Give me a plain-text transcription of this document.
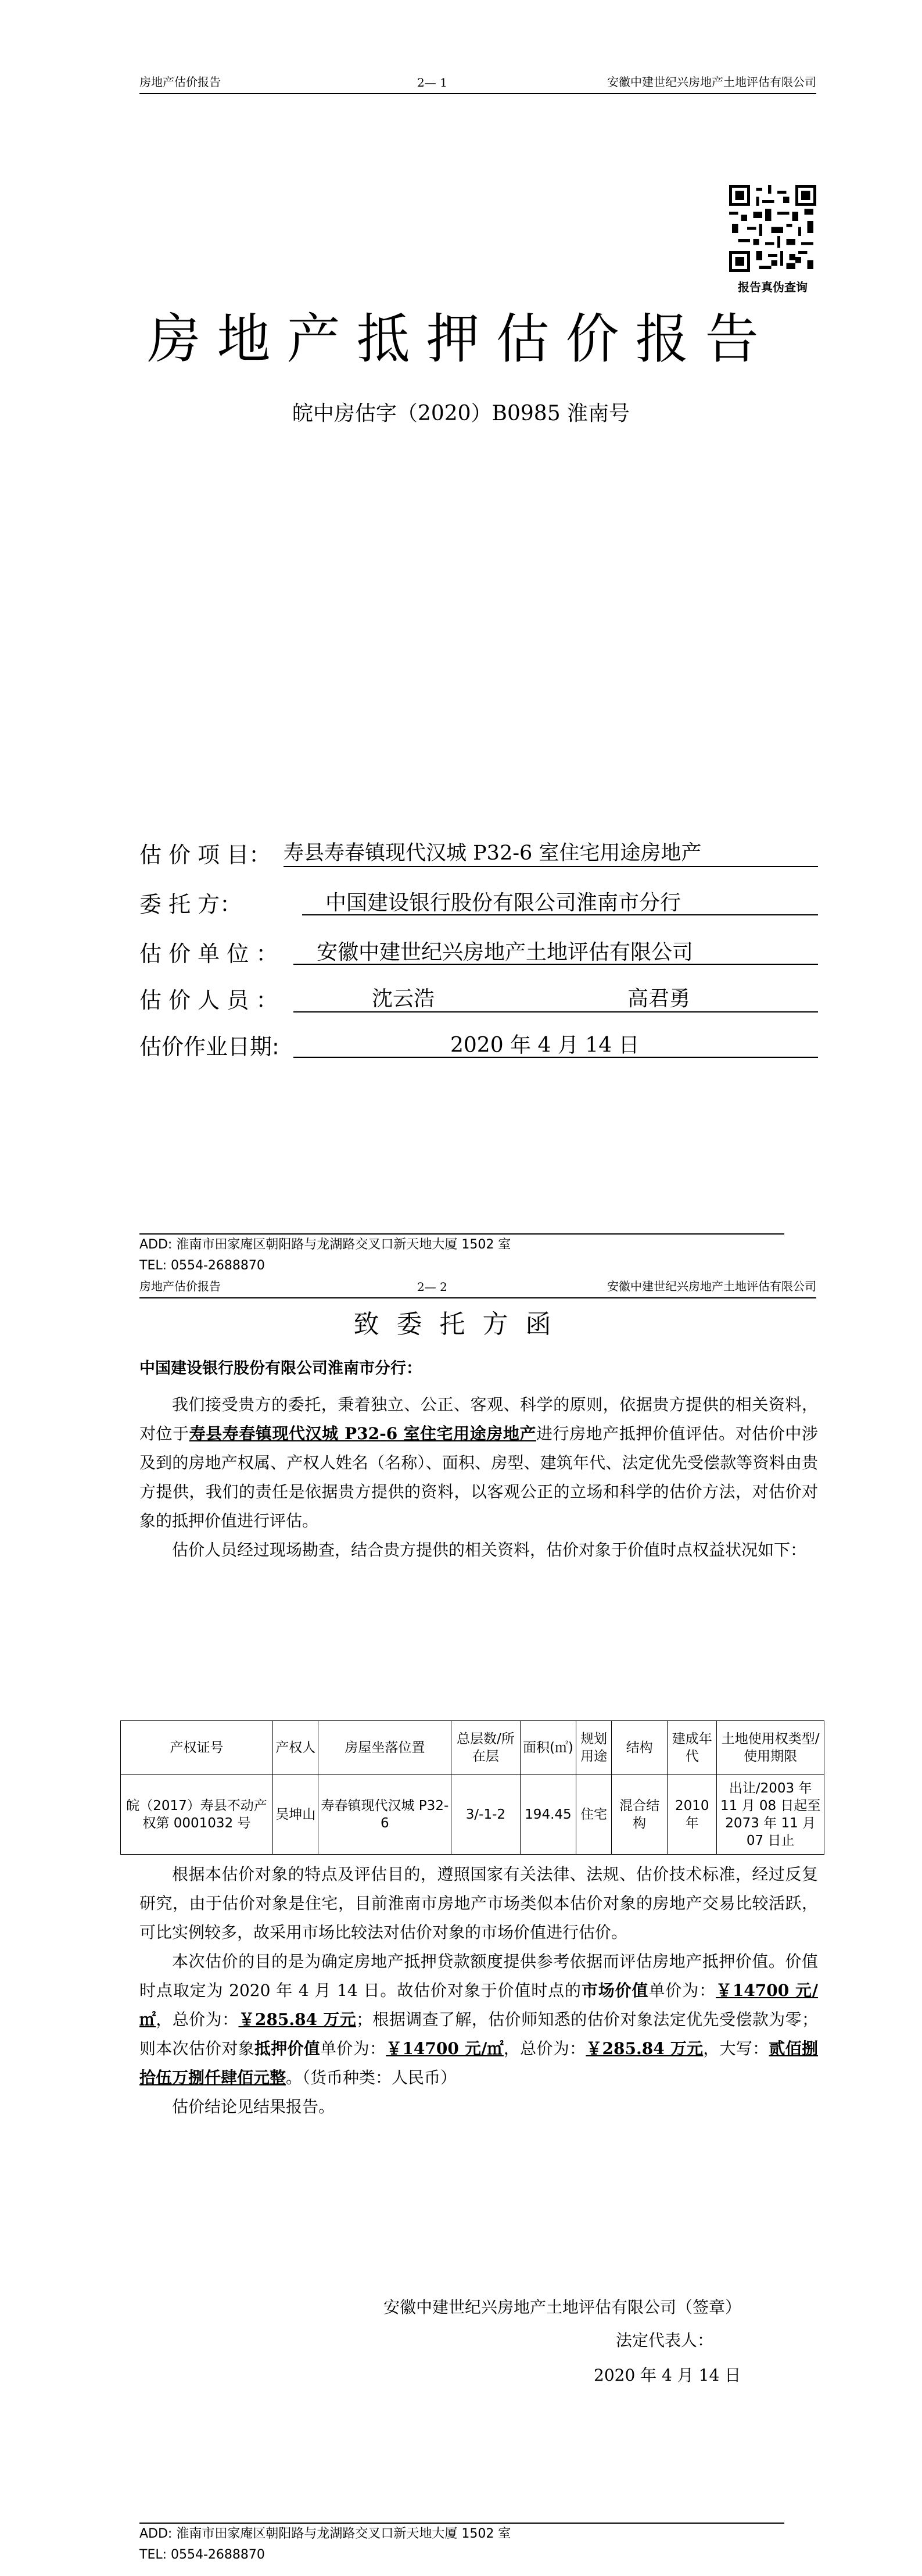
房地产估价报告	2— 1	安徽中建世纪兴房地产土地评估有限公司
报告真伪查询
房地产抵押估价报告
皖中房估字（2020）B0985 淮南号
估 价 项 目： 寿县寿春镇现代汉城 P32-6 室住宅用途房地产
委 托 方：	中国建设银行股份有限公司淮南市分行
估 价 单 位 ：	安徽中建世纪兴房地产土地评估有限公司
估 价 人 员 ：	沈云浩	高君勇
估价作业日期:	2020 年 4 月 14 日
ADD: 淮南市田家庵区朝阳路与龙湖路交叉口新天地大厦 1502 室
TEL: 0554-2688870
房地产估价报告	2— 2	安徽中建世纪兴房地产土地评估有限公司
致委托方函
中国建设银行股份有限公司淮南市分行：

我们接受贵方的委托，秉着独立、公正、客观、科学的原则，依据贵方提供的相关资料，对位于寿县寿春镇现代汉城 P32-6 室住宅用途房地产进行房地产抵押价值评估。对估价中涉及到的房地产权属、产权人姓名（名称）、面积、房型、建筑年代、法定优先受偿款等资料由贵方提供，我们的责任是依据贵方提供的资料，以客观公正的立场和科学的估价方法，对估价对象的抵押价值进行评估。

估价人员经过现场勘查，结合贵方提供的相关资料，估价对象于价值时点权益状况如下：

产权证号	产权人	房屋坐落位置	总层数/所在层	面积(㎡)	规划用途	结构	建成年代	土地使用权类型/使用期限
皖（2017）寿县不动产权第 0001032 号	吴坤山	寿春镇现代汉城 P32-6	3/-1-2	194.45	住宅	混合结构	2010 年	出让/2003 年 11 月 08 日起至 2073 年 11 月 07 日止

根据本估价对象的特点及评估目的，遵照国家有关法律、法规、估价技术标准，经过反复研究，由于估价对象是住宅，目前淮南市房地产市场类似本估价对象的房地产交易比较活跃，可比实例较多，故采用市场比较法对估价对象的市场价值进行估价。

本次估价的目的是为确定房地产抵押贷款额度提供参考依据而评估房地产抵押价值。价值时点取定为 2020 年 4 月 14 日。故估价对象于价值时点的市场价值单价为：￥14700 元/㎡，总价为：￥285.84 万元；根据调查了解，估价师知悉的估价对象法定优先受偿款为零；则本次估价对象抵押价值单价为：￥14700 元/㎡，总价为：￥285.84 万元，大写：贰佰捌拾伍万捌仟肆佰元整。（货币种类：人民币）

估价结论见结果报告。

安徽中建世纪兴房地产土地评估有限公司（签章）
法定代表人：
2020 年 4 月 14 日
ADD: 淮南市田家庵区朝阳路与龙湖路交叉口新天地大厦 1502 室
TEL: 0554-2688870
